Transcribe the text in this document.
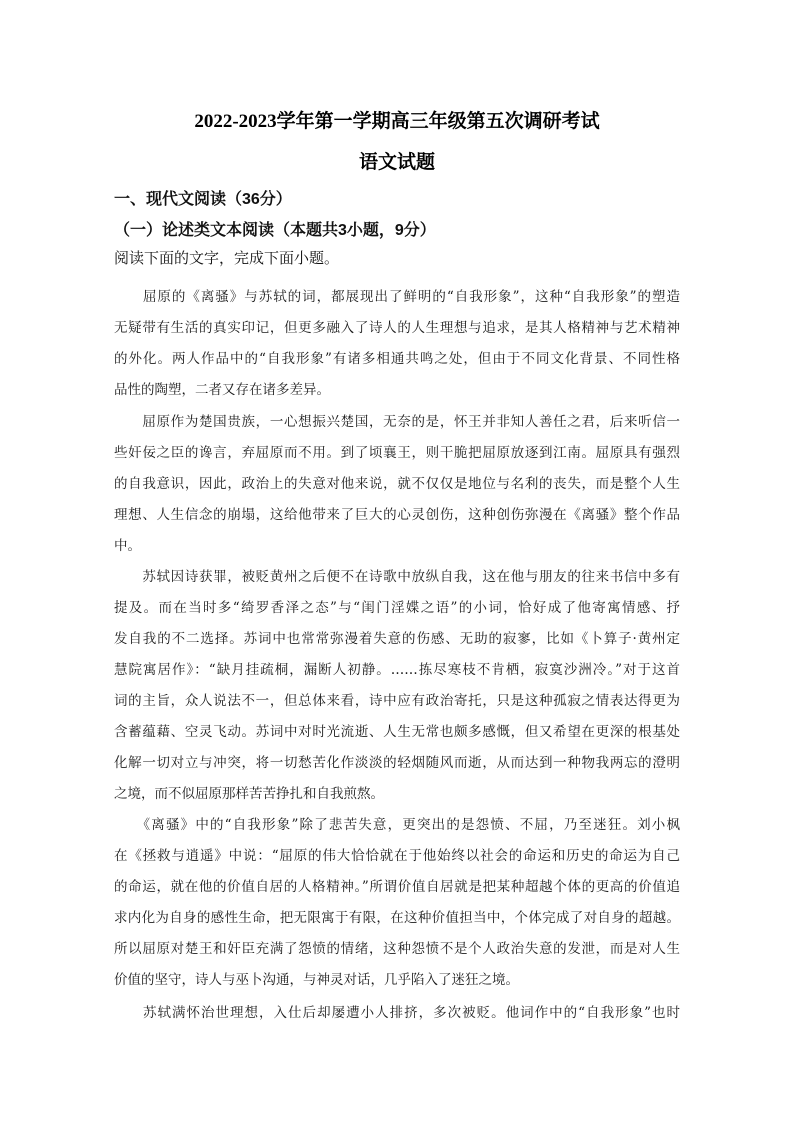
2022-2023学年第一学期高三年级第五次调研考试
语文试题
一、现代文阅读（36分）
（一）论述类文本阅读（本题共3小题，9分）
阅读下面的文字，完成下面小题。
　　屈原的《离骚》与苏轼的词，都展现出了鲜明的“自我形象”，这种“自我形象”的塑造
无疑带有生活的真实印记，但更多融入了诗人的人生理想与追求，是其人格精神与艺术精神
的外化。两人作品中的“自我形象”有诸多相通共鸣之处，但由于不同文化背景、不同性格
品性的陶塑，二者又存在诸多差异。
　　屈原作为楚国贵族，一心想振兴楚国，无奈的是，怀王并非知人善任之君，后来听信一
些奸佞之臣的谗言，弃屈原而不用。到了顷襄王，则干脆把屈原放逐到江南。屈原具有强烈
的自我意识，因此，政治上的失意对他来说，就不仅仅是地位与名利的丧失，而是整个人生
理想、人生信念的崩塌，这给他带来了巨大的心灵创伤，这种创伤弥漫在《离骚》整个作品
中。
　　苏轼因诗获罪，被贬黄州之后便不在诗歌中放纵自我，这在他与朋友的往来书信中多有
提及。而在当时多“绮罗香泽之态”与“闺门淫媟之语”的小词，恰好成了他寄寓情感、抒
发自我的不二选择。苏词中也常常弥漫着失意的伤感、无助的寂寥，比如《卜算子·黄州定
慧院寓居作》：“缺月挂疏桐，漏断人初静。……拣尽寒枝不肯栖，寂寞沙洲冷。”对于这首
词的主旨，众人说法不一，但总体来看，诗中应有政治寄托，只是这种孤寂之情表达得更为
含蓄蕴藉、空灵飞动。苏词中对时光流逝、人生无常也颇多感慨，但又希望在更深的根基处
化解一切对立与冲突，将一切愁苦化作淡淡的轻烟随风而逝，从而达到一种物我两忘的澄明
之境，而不似屈原那样苦苦挣扎和自我煎熬。
　　《离骚》中的“自我形象”除了悲苦失意，更突出的是怨愤、不屈，乃至迷狂。刘小枫
在《拯救与逍遥》中说：“屈原的伟大恰恰就在于他始终以社会的命运和历史的命运为自己
的命运，就在他的价值自居的人格精神。”所谓价值自居就是把某种超越个体的更高的价值追
求内化为自身的感性生命，把无限寓于有限，在这种价值担当中，个体完成了对自身的超越。
所以屈原对楚王和奸臣充满了怨愤的情绪，这种怨愤不是个人政治失意的发泄，而是对人生
价值的坚守，诗人与巫卜沟通，与神灵对话，几乎陷入了迷狂之境。
　　苏轼满怀治世理想，入仕后却屡遭小人排挤，多次被贬。他词作中的“自我形象”也时
